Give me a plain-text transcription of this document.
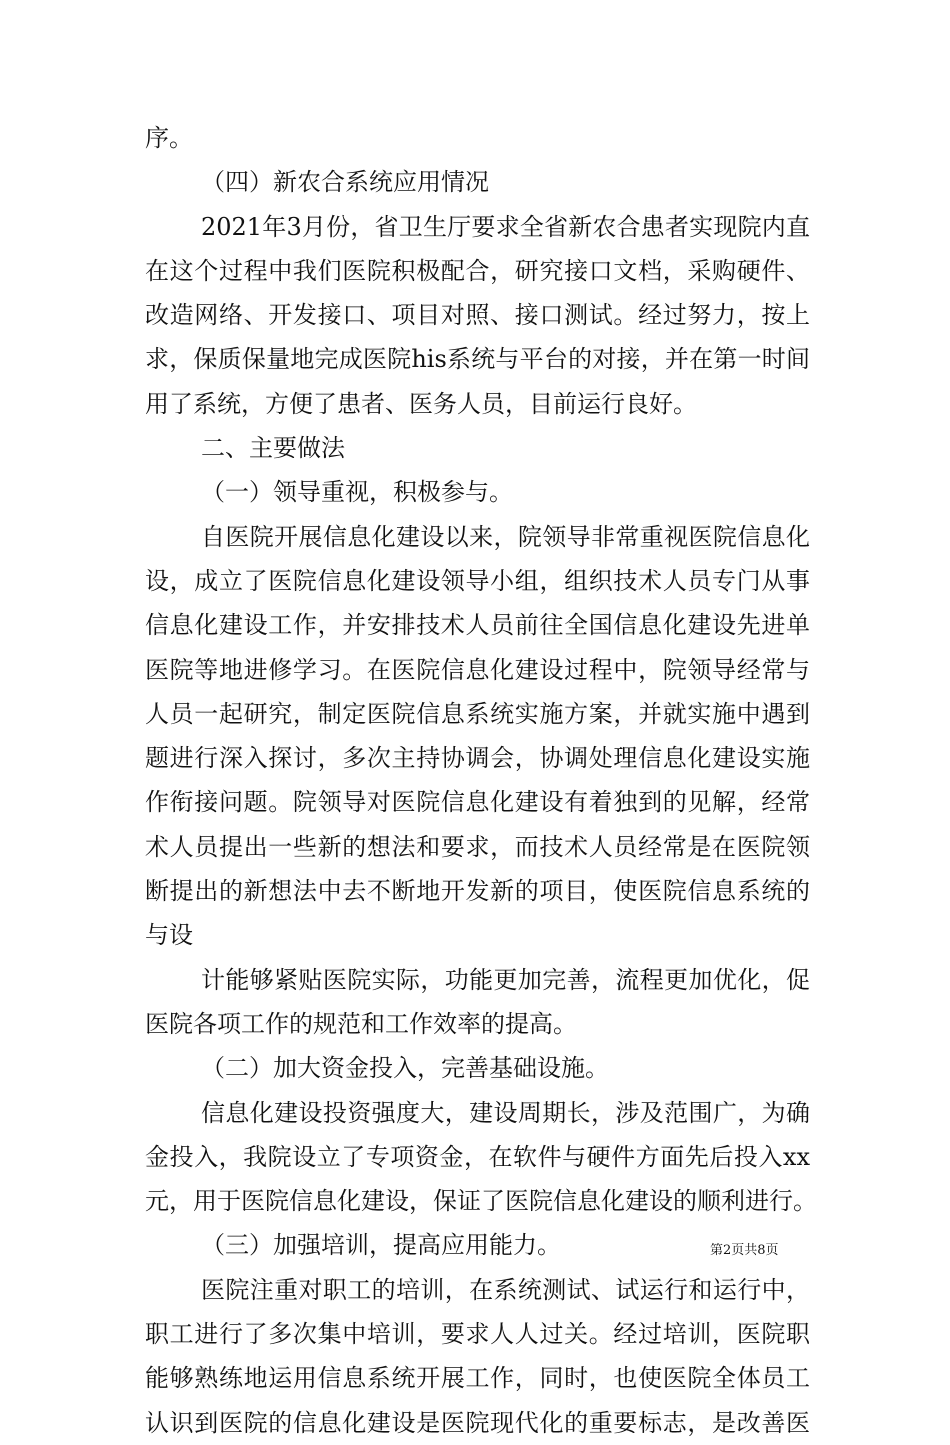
序。
（四）新农合系统应用情况
2021年3月份，省卫生厅要求全省新农合患者实现院内直
在这个过程中我们医院积极配合，研究接口文档，采购硬件、
改造网络、开发接口、项目对照、接口测试。经过努力，按上
求，保质保量地完成医院his系统与平台的对接，并在第一时间
用了系统，方便了患者、医务人员，目前运行良好。
二、主要做法
（一）领导重视，积极参与。
自医院开展信息化建设以来，院领导非常重视医院信息化
设，成立了医院信息化建设领导小组，组织技术人员专门从事
信息化建设工作，并安排技术人员前往全国信息化建设先进单
医院等地进修学习。在医院信息化建设过程中，院领导经常与
人员一起研究，制定医院信息系统实施方案，并就实施中遇到
题进行深入探讨，多次主持协调会，协调处理信息化建设实施
作衔接问题。院领导对医院信息化建设有着独到的见解，经常
术人员提出一些新的想法和要求，而技术人员经常是在医院领
断提出的新想法中去不断地开发新的项目，使医院信息系统的
与设
计能够紧贴医院实际，功能更加完善，流程更加优化，促
医院各项工作的规范和工作效率的提高。
（二）加大资金投入，完善基础设施。
信息化建设投资强度大，建设周期长，涉及范围广，为确
金投入，我院设立了专项资金，在软件与硬件方面先后投入xx
元，用于医院信息化建设，保证了医院信息化建设的顺利进行。
（三）加强培训，提高应用能力。
医院注重对职工的培训，在系统测试、试运行和运行中，
职工进行了多次集中培训，要求人人过关。经过培训，医院职
能够熟练地运用信息系统开展工作，同时，也使医院全体员工
认识到医院的信息化建设是医院现代化的重要标志，是改善医
第2页共8页
